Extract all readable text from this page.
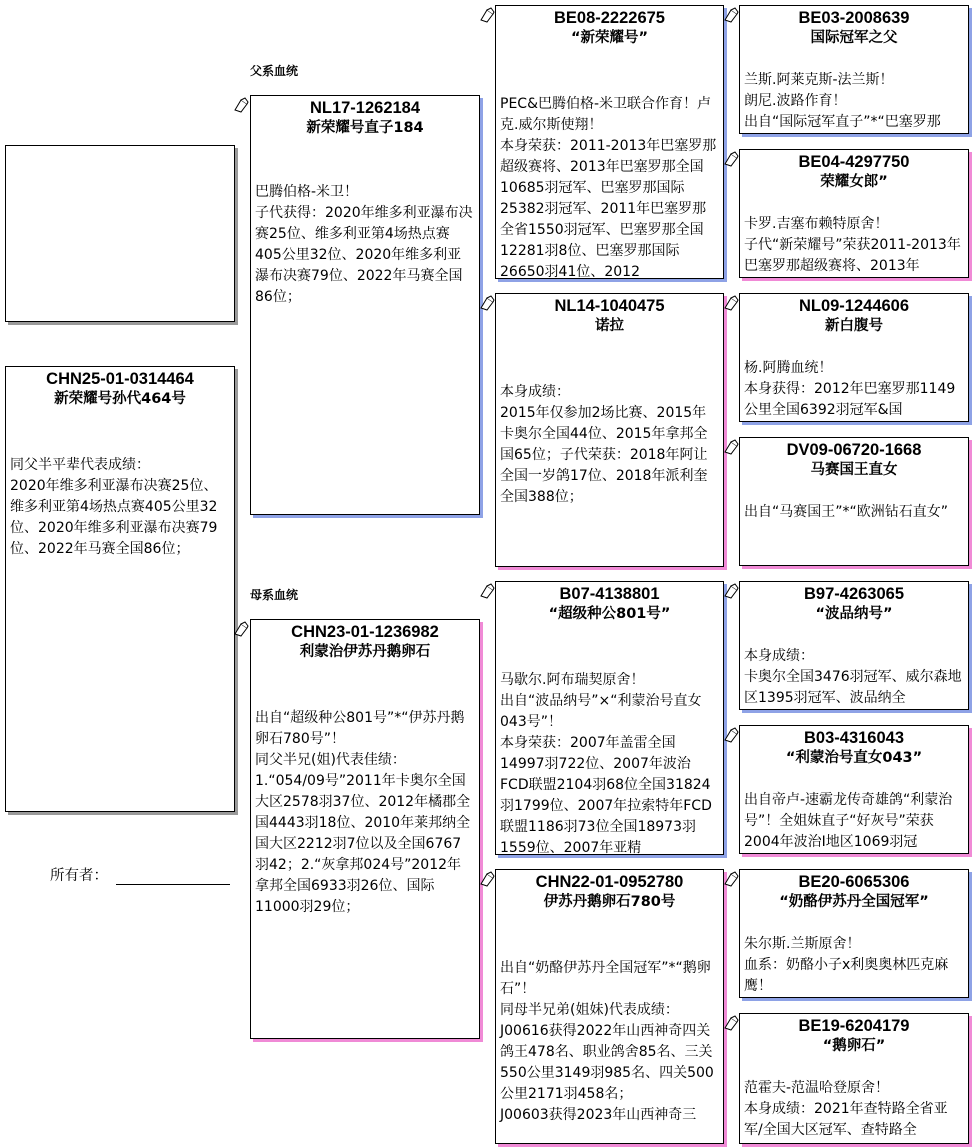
父系血统
母系血统
CHN25-01-0314464
新荣耀号孙代464号
同父半平辈代表成绩：
2020年维多利亚瀑布决赛25位、维多利亚第4场热点赛405公里32位、2020年维多利亚瀑布决赛79位、2022年马赛全国86位；
所有者：
NL17-1262184
新荣耀号直子184
巴腾伯格-米卫！
子代获得：2020年维多利亚瀑布决赛25位、维多利亚第4场热点赛405公里32位、2020年维多利亚瀑布决赛79位、2022年马赛全国86位；
CHN23-01-1236982
利蒙治伊苏丹鹅卵石
出自“超级种公801号”*“伊苏丹鹅卵石780号”！
同父半兄(姐)代表佳绩：
1.“054/09号”2011年卡奥尔全国大区2578羽37位、2012年橘郡全国4443羽18位、2010年莱邦纳全国大区2212羽7位以及全国6767羽42；2.“灰拿邦024号”2012年拿邦全国6933羽26位、国际11000羽29位；
BE08-2222675
“新荣耀号”
PEC&巴腾伯格-米卫联合作育！卢克.威尔斯使翔！
本身荣获：2011-2013年巴塞罗那超级赛将、2013年巴塞罗那全国10685羽冠军、巴塞罗那国际25382羽冠军、2011年巴塞罗那全省1550羽冠军、巴塞罗那全国12281羽8位、巴塞罗那国际26650羽41位、2012
NL14-1040475
诺拉
本身成绩：
2015年仅参加2场比赛、2015年卡奥尔全国44位、2015年拿邦全国65位；子代荣获：2018年阿让全国一岁鸽17位、2018年派利奎全国388位；
B07-4138801
“超级种公801号”
马歇尔.阿布瑞契原舍！
出自“波品纳号”×“利蒙治号直女043号”！
本身荣获：2007年盖雷全国14997羽722位、2007年波治FCD联盟2104羽68位全国31824羽1799位、2007年拉索特年FCD联盟1186羽73位全国18973羽1559位、2007年亚精
CHN22-01-0952780
伊苏丹鹅卵石780号
出自“奶酪伊苏丹全国冠军”*“鹅卵石”！
同母半兄弟(姐妹)代表成绩：
J00616获得2022年山西神奇四关鸽王478名、职业鸽舍85名、三关550公里3149羽985名、四关500公里2171羽458名；
J00603获得2023年山西神奇三
BE03-2008639
国际冠军之父
兰斯.阿莱克斯-法兰斯！
朗尼.波路作育！
出自“国际冠军直子”*“巴塞罗那
BE04-4297750
荣耀女郎”
卡罗.吉塞布赖特原舍！
子代“新荣耀号”荣获2011-2013年巴塞罗那超级赛将、2013年
NL09-1244606
新白腹号
杨.阿腾血统！
本身获得：2012年巴塞罗那1149公里全国6392羽冠军&国
DV09-06720-1668
马赛国王直女
出自“马赛国王”*“欧洲钻石直女”
B97-4263065
“波品纳号”
本身成绩：
卡奥尔全国3476羽冠军、威尔森地区1395羽冠军、波品纳全
B03-4316043
“利蒙治号直女043”
出自帝卢-速霸龙传奇雄鸽“利蒙治号”！全姐妹直子“好灰号”荣获2004年波治I地区1069羽冠
BE20-6065306
“奶酪伊苏丹全国冠军”
朱尔斯.兰斯原舍！
血系：奶酪小子x利奥奥林匹克麻鹰！
BE19-6204179
“鹅卵石”
范霍夫-范温哈登原舍！
本身成绩：2021年查特路全省亚军/全国大区冠军、查特路全
